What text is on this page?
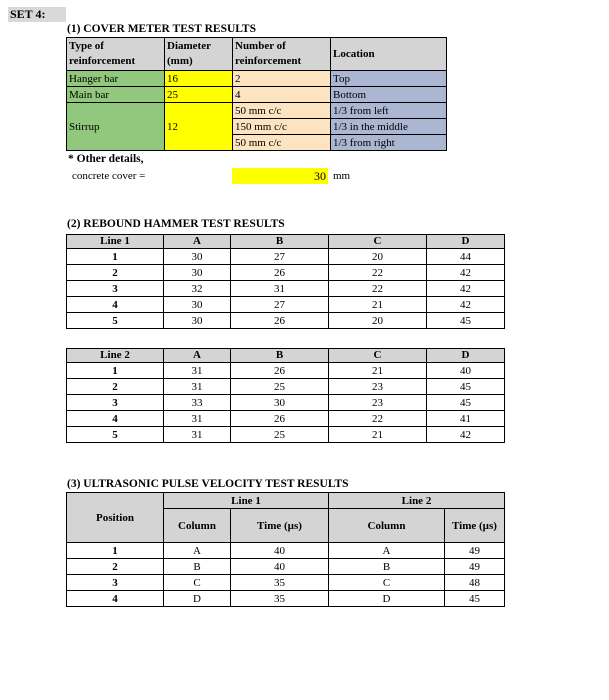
SET 4:
(1) COVER METER TEST RESULTS
Type of reinforcement	Diameter (mm)	Number of reinforcement	Location
Hanger bar	16	2	Top
Main bar	25	4	Bottom
Stirrup	12	50 mm c/c	1/3 from left
		150 mm c/c	1/3 in the middle
		50 mm c/c	1/3 from right
* Other details,
concrete cover =	30 mm
(2) REBOUND HAMMER TEST RESULTS
Line 1	A	B	C	D
1	30	27	20	44
2	30	26	22	42
3	32	31	22	42
4	30	27	21	42
5	30	26	20	45
Line 2	A	B	C	D
1	31	26	21	40
2	31	25	23	45
3	33	30	23	45
4	31	26	22	41
5	31	25	21	42
(3) ULTRASONIC PULSE VELOCITY TEST RESULTS
Position	Line 1		Line 2	
	Column	Time (µs)	Column	Time (µs)
1	A	40	A	49
2	B	40	B	49
3	C	35	C	48
4	D	35	D	45
